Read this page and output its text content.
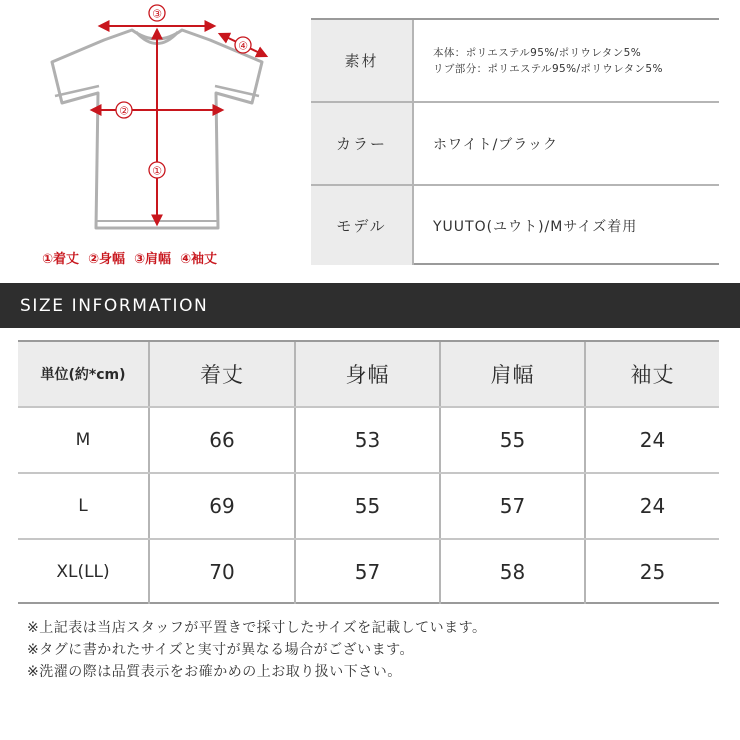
③
②
①
④
①着丈 ②身幅 ③肩幅 ④袖丈
素材	本体：ポリエステル95%/ポリウレタン5%
リブ部分：ポリエステル95%/ポリウレタン5%
カラー	ホワイト/ブラック
モデル	YUUTO(ユウト)/Mサイズ着用
SIZE INFORMATION
単位(約*cm)	着丈	身幅	肩幅	袖丈
M	66	53	55	24
L	69	55	57	24
XL(LL)	70	57	58	25
※上記表は当店スタッフが平置きで採寸したサイズを記載しています。
※タグに書かれたサイズと実寸が異なる場合がございます。
※洗濯の際は品質表示をお確かめの上お取り扱い下さい。
